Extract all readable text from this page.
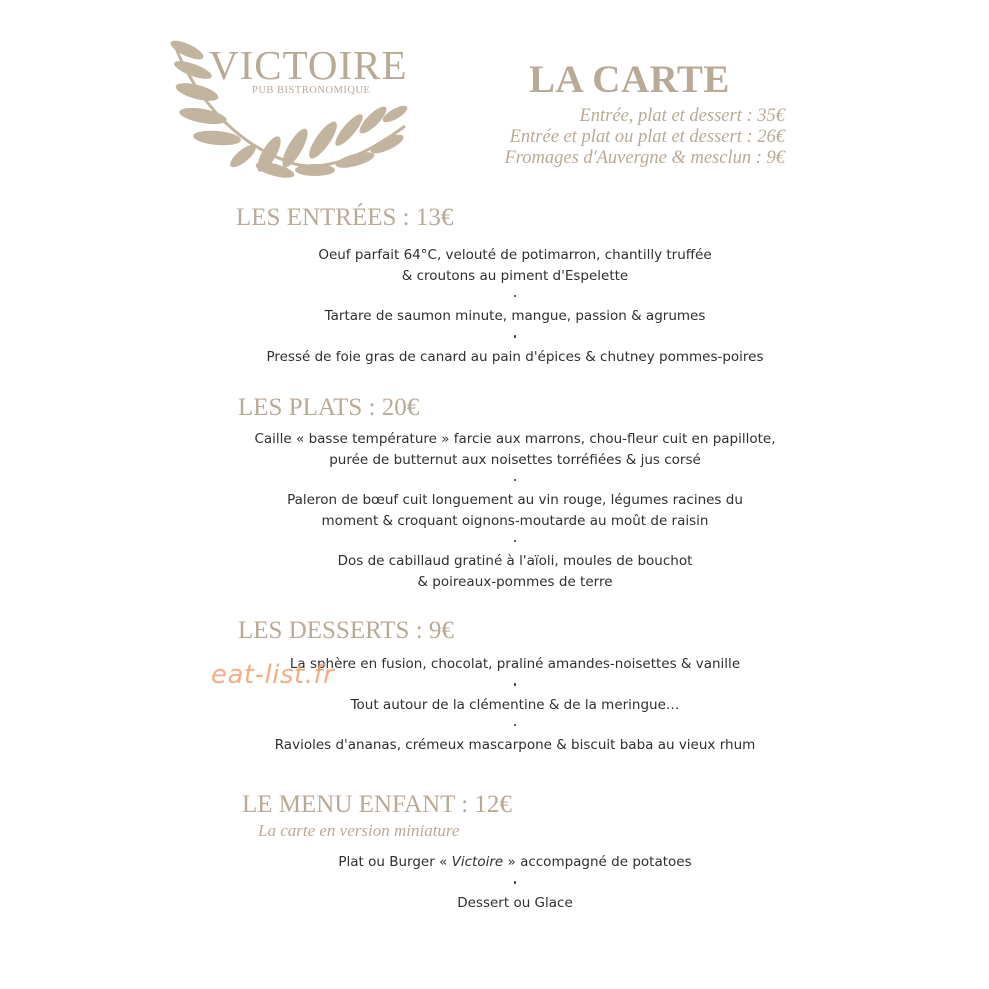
VICTOIRE
PUB BISTRONOMIQUE	LA CARTE
Entrée, plat et dessert : 35€
Entrée et plat ou plat et dessert : 26€
Fromages d'Auvergne & mesclun : 9€
LES ENTRÉES : 13€
Oeuf parfait 64°C, velouté de potimarron, chantilly truffée
& croutons au piment d'Espelette
Tartare de saumon minute, mangue, passion & agrumes
Pressé de foie gras de canard au pain d'épices & chutney pommes-poires
LES PLATS : 20€
Caille « basse température » farcie aux marrons, chou-fleur cuit en papillote,
purée de butternut aux noisettes torréfiées & jus corsé
Paleron de bœuf cuit longuement au vin rouge, légumes racines du
moment & croquant oignons-moutarde au moût de raisin
Dos de cabillaud gratiné à l'aïoli, moules de bouchot
& poireaux-pommes de terre
LES DESSERTS : 9€
La sphère en fusion, chocolat, praliné amandes-noisettes & vanille
Tout autour de la clémentine & de la meringue…
Ravioles d'ananas, crémeux mascarpone & biscuit baba au vieux rhum
LE MENU ENFANT : 12€
La carte en version miniature
Plat ou Burger « Victoire » accompagné de potatoes
Dessert ou Glace
eat-list.fr
